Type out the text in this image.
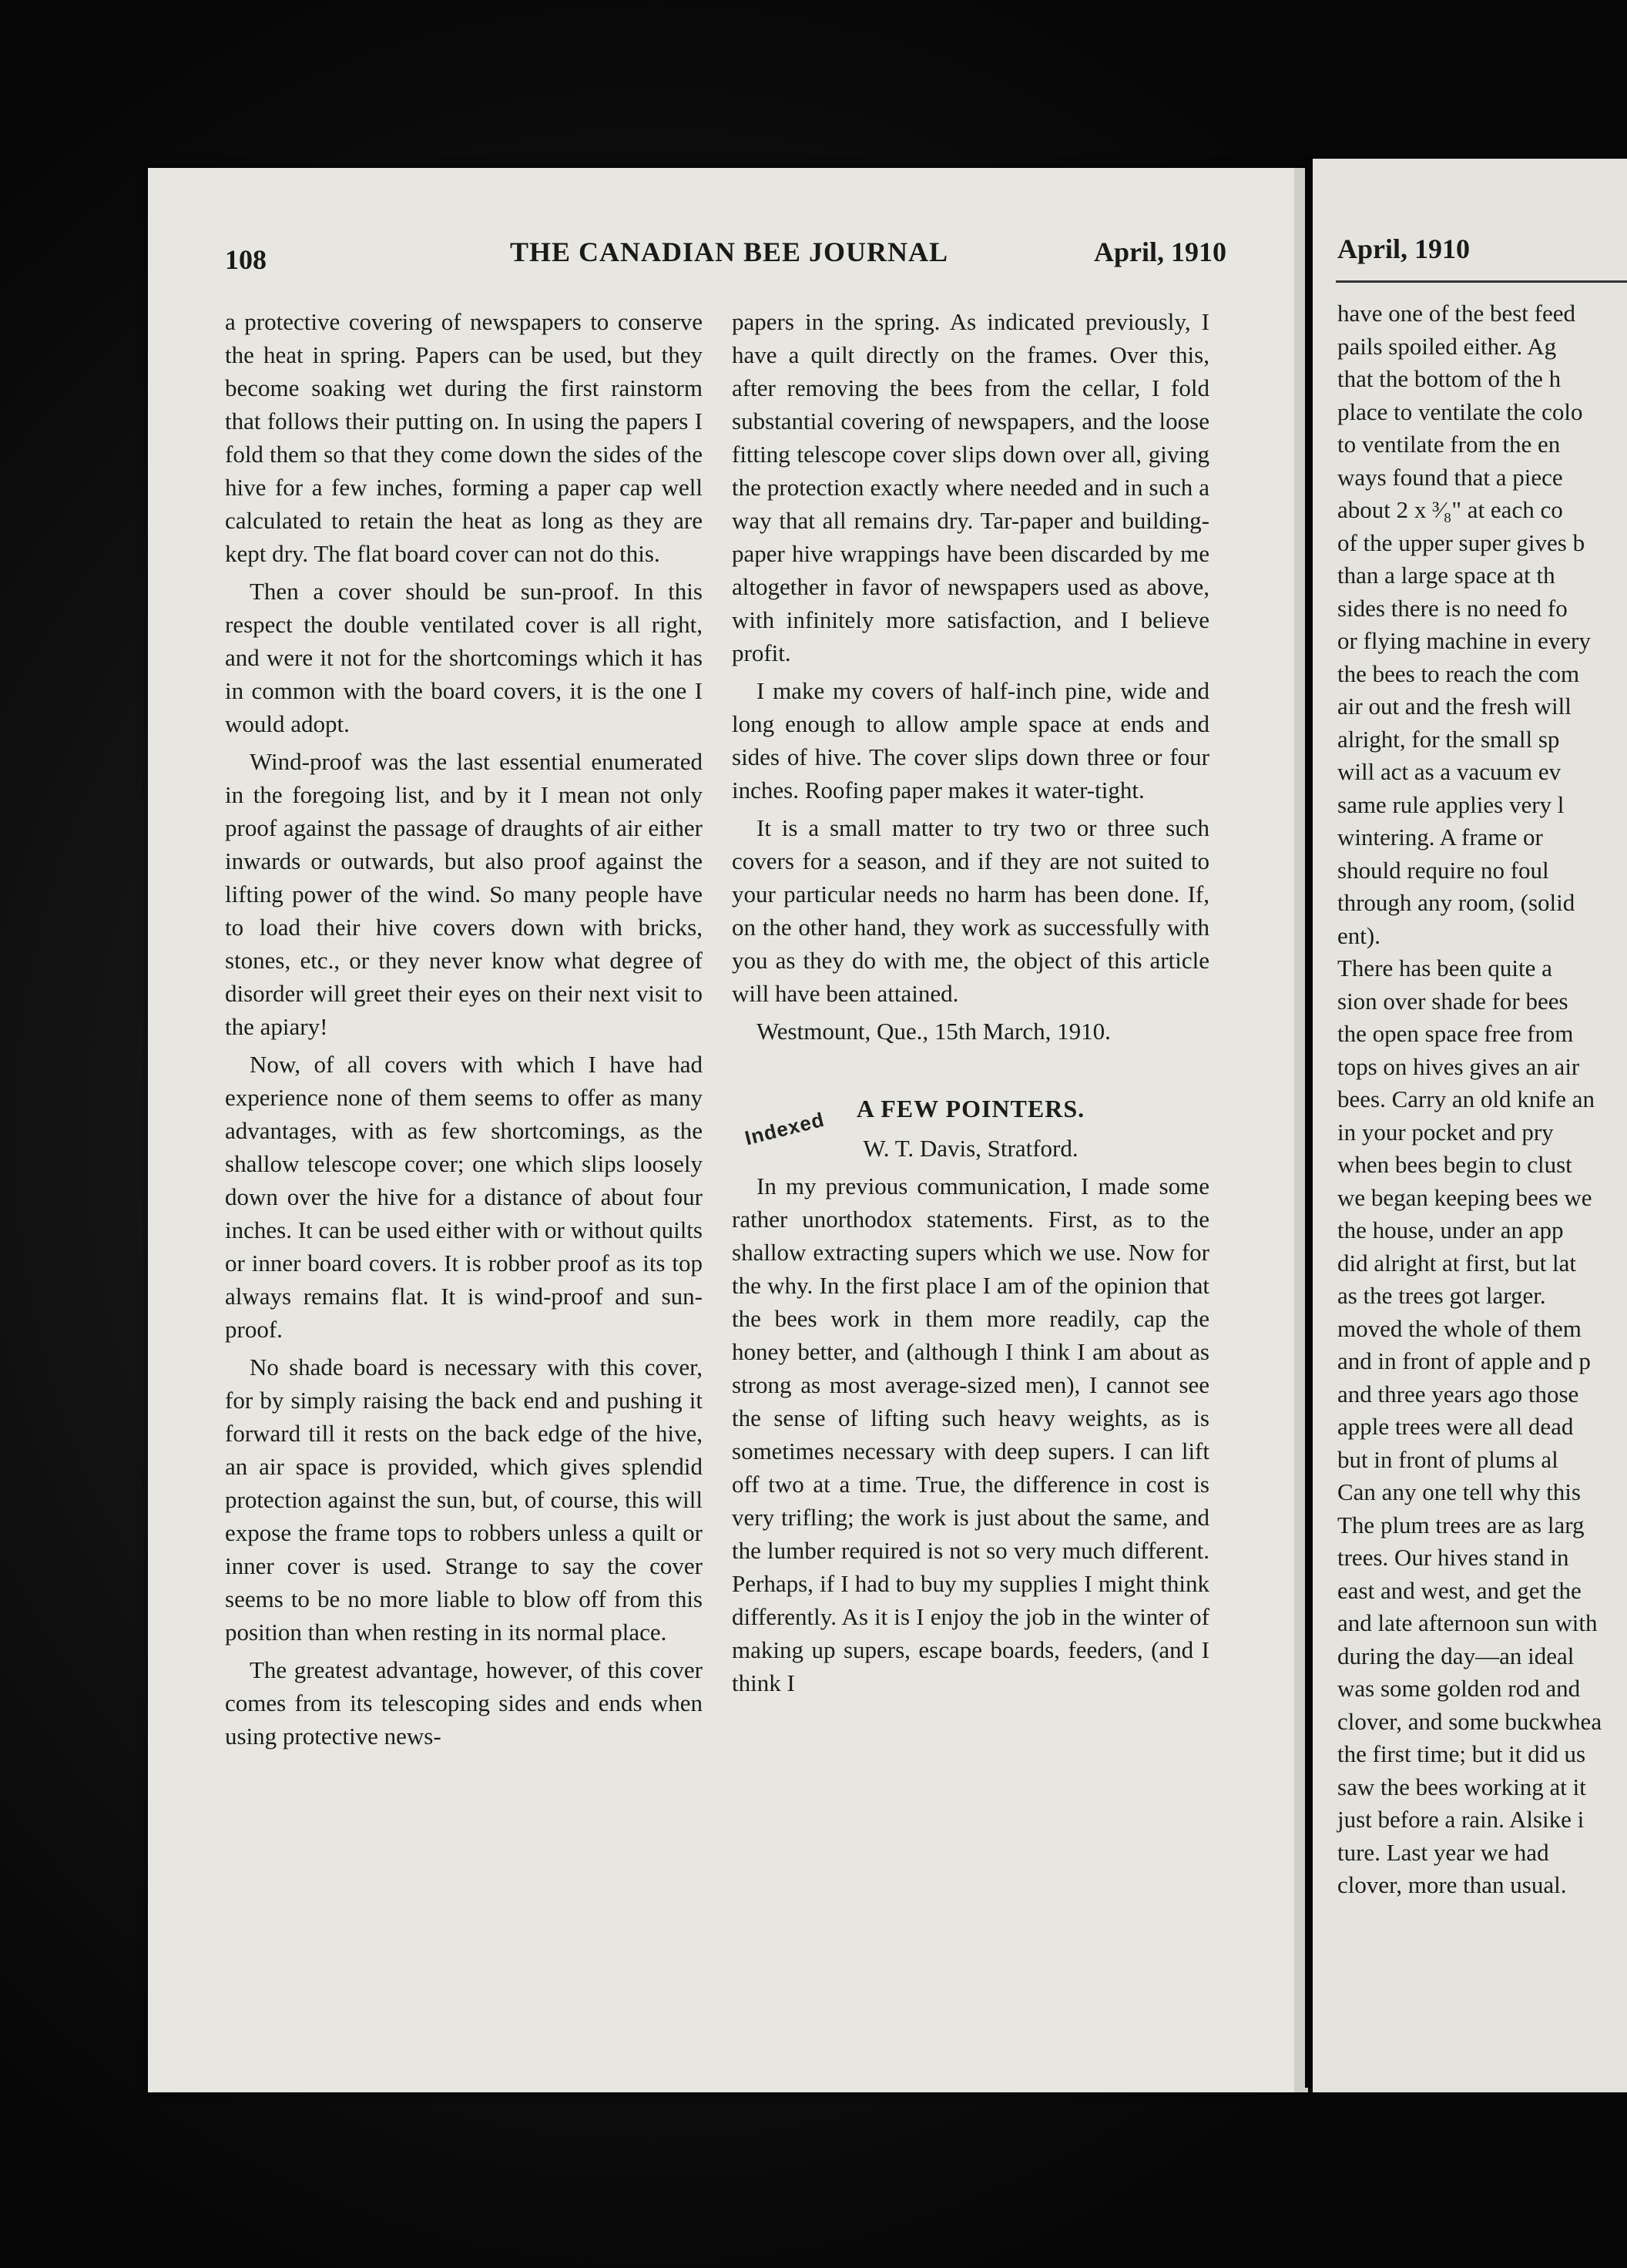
108	THE CANADIAN BEE JOURNAL	April, 1910

a protective covering of newspapers to conserve the heat in spring. Papers can be used, but they become soaking wet during the first rainstorm that follows their putting on. In using the papers I fold them so that they come down the sides of the hive for a few inches, forming a paper cap well calculated to retain the heat as long as they are kept dry. The flat board cover can not do this.

Then a cover should be sun-proof. In this respect the double ventilated cover is all right, and were it not for the shortcomings which it has in common with the board covers, it is the one I would adopt.

Wind-proof was the last essential enumerated in the foregoing list, and by it I mean not only proof against the passage of draughts of air either inwards or outwards, but also proof against the lifting power of the wind. So many people have to load their hive covers down with bricks, stones, etc., or they never know what degree of disorder will greet their eyes on their next visit to the apiary!

Now, of all covers with which I have had experience none of them seems to offer as many advantages, with as few shortcomings, as the shallow telescope cover; one which slips loosely down over the hive for a distance of about four inches. It can be used either with or without quilts or inner board covers. It is robber proof as its top always remains flat. It is wind-proof and sun-proof.

No shade board is necessary with this cover, for by simply raising the back end and pushing it forward till it rests on the back edge of the hive, an air space is provided, which gives splendid protection against the sun, but, of course, this will expose the frame tops to robbers unless a quilt or inner cover is used. Strange to say the cover seems to be no more liable to blow off from this position than when resting in its normal place.

The greatest advantage, however, of this cover comes from its telescoping sides and ends when using protective news-

papers in the spring. As indicated previously, I have a quilt directly on the frames. Over this, after removing the bees from the cellar, I fold substantial covering of newspapers, and the loose fitting telescope cover slips down over all, giving the protection exactly where needed and in such a way that all remains dry. Tar-paper and building-paper hive wrappings have been discarded by me altogether in favor of newspapers used as above, with infinitely more satisfaction, and I believe profit.

I make my covers of half-inch pine, wide and long enough to allow ample space at ends and sides of hive. The cover slips down three or four inches. Roofing paper makes it water-tight.

It is a small matter to try two or three such covers for a season, and if they are not suited to your particular needs no harm has been done. If, on the other hand, they work as successfully with you as they do with me, the object of this article will have been attained.

Westmount, Que., 15th March, 1910.

Indexed A FEW POINTERS.

W. T. Davis, Stratford.

In my previous communication, I made some rather unorthodox statements. First, as to the shallow extracting supers which we use. Now for the why. In the first place I am of the opinion that the bees work in them more readily, cap the honey better, and (although I think I am about as strong as most average-sized men), I cannot see the sense of lifting such heavy weights, as is sometimes necessary with deep supers. I can lift off two at a time. True, the difference in cost is very trifling; the work is just about the same, and the lumber required is not so very much different. Perhaps, if I had to buy my supplies I might think differently. As it is I enjoy the job in the winter of making up supers, escape boards, feeders, (and I think I

April, 1910
have one of the best feed
pails spoiled either. Ag
that the bottom of the h
place to ventilate the colo
to ventilate from the en
ways found that a piece
about 2 x ³⁄₈" at each co
of the upper super gives b
than a large space at th
sides there is no need fo
or flying machine in every
the bees to reach the com
air out and the fresh will
alright, for the small sp
will act as a vacuum ev
same rule applies very l
wintering. A frame or
should require no foul
through any room, (solid
ent).
There has been quite a
sion over shade for bees
the open space free from
tops on hives gives an air
bees. Carry an old knife an
in your pocket and pry
when bees begin to clust
we began keeping bees we
the house, under an app
did alright at first, but lat
as the trees got larger.
moved the whole of them
and in front of apple and p
and three years ago those
apple trees were all dead
but in front of plums al
Can any one tell why this
The plum trees are as larg
trees. Our hives stand in
east and west, and get the
and late afternoon sun with
during the day—an ideal
was some golden rod and
clover, and some buckwhea
the first time; but it did us
saw the bees working at it
just before a rain. Alsike i
ture. Last year we had
clover, more than usual.
